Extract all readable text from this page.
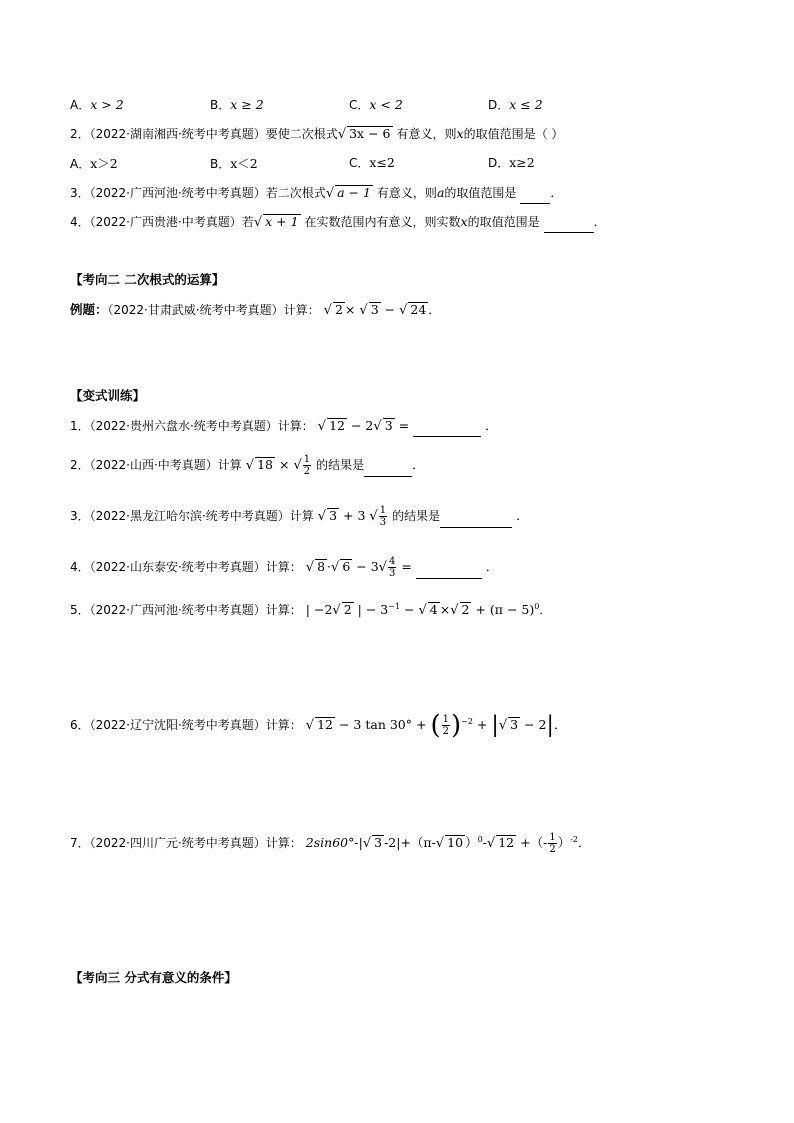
A．x > 2	B．x ≥ 2	C．x < 2	D．x ≤ 2
2．（2022·湖南湘西·统考中考真题）要使二次根式√ 3x − 6 有意义，则x的取值范围是（ ）
A．x＞2	B．x＜2	C．x≤2	D．x≥2
3．（2022·广西河池·统考中考真题）若二次根式√ a − 1 有意义，则a的取值范围是	．
4．（2022·广西贵港·中考真题）若√ x + 1 在实数范围内有意义，则实数x的取值范围是	．
【考向二 二次根式的运算】
例题：（2022·甘肃武威·统考中考真题）计算： √ 2 × √ 3 − √ 24 ．
【变式训练】
1．（2022·贵州六盘水·统考中考真题）计算： √ 12 − 2√ 3 =	．
2．（2022·山西·中考真题）计算 √ 18 × √ $\frac{1}{2}$ 的结果是	．
3．（2022·黑龙江哈尔滨·统考中考真题）计算 √ 3 + 3 √ $\frac{1}{3}$ 的结果是	．
4．（2022·山东泰安·统考中考真题）计算： √ 8 ·√ $6 - 3√ \frac{4}{3}$ =	．
5．（2022·广西河池·统考中考真题）计算： | −2√ 2 | − $3^{-1}$ − √ 4 ×√ $2 + (\pi - 5)^0$．
6．（2022·辽宁沈阳·统考中考真题）计算： √ 12 − 3 tan 30° + ( $\frac{1}{2} )^{-2}$ + |√ 3 − 2|．
7．（2022·四川广元·统考中考真题）计算： 2sin60°-|√ 3 -2|+（π-√ 10 ）$^0$-√ 12 +（- $\frac{1}{2} )^{-2}$．
【考向三 分式有意义的条件】
